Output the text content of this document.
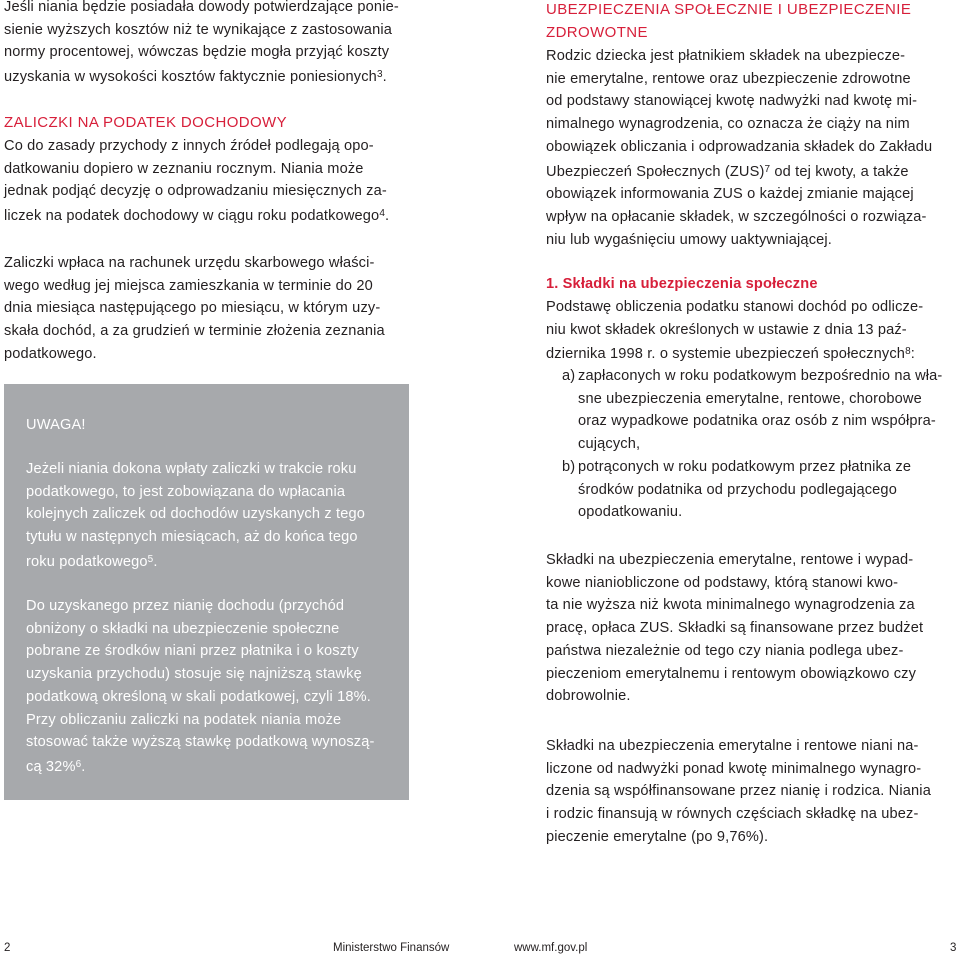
Jeśli niania będzie posiadała dowody potwierdzające ponie-
sienie wyższych kosztów niż te wynikające z zastosowania
normy procentowej, wówczas będzie mogła przyjąć koszty
uzyskania w wysokości kosztów faktycznie poniesionych$^3$.

ZALICZKI NA PODATEK DOCHODOWY

Co do zasady przychody z innych źródeł podlegają opo-
datkowaniu dopiero w zeznaniu rocznym. Niania może
jednak podjąć decyzję o odprowadzaniu miesięcznych za-
liczek na podatek dochodowy w ciągu roku podatkowego$^4$.

Zaliczki wpłaca na rachunek urzędu skarbowego właści-
wego według jej miejsca zamieszkania w terminie do 20
dnia miesiąca następującego po miesiącu, w którym uzy-
skała dochód, a za grudzień w terminie złożenia zeznania
podatkowego.

UWAGA!

Jeżeli niania dokona wpłaty zaliczki w trakcie roku
podatkowego, to jest zobowiązana do wpłacania
kolejnych zaliczek od dochodów uzyskanych z tego
tytułu w następnych miesiącach, aż do końca tego
roku podatkowego$^5$.

Do uzyskanego przez nianię dochodu (przychód
obniżony o składki na ubezpieczenie społeczne
pobrane ze środków niani przez płatnika i o koszty
uzyskania przychodu) stosuje się najniższą stawkę
podatkową określoną w skali podatkowej, czyli 18%.
Przy obliczaniu zaliczki na podatek niania może
stosować także wyższą stawkę podatkową wynoszą-
cą 32%$^6$.

UBEZPIECZENIA SPOŁECZNIE I UBEZPIECZENIE
ZDROWOTNE

Rodzic dziecka jest płatnikiem składek na ubezpiecze-
nie emerytalne, rentowe oraz ubezpieczenie zdrowotne
od podstawy stanowiącej kwotę nadwyżki nad kwotę mi-
nimalnego wynagrodzenia, co oznacza że ciąży na nim
obowiązek obliczania i odprowadzania składek do Zakładu
Ubezpieczeń Społecznych (ZUS)$^7$ od tej kwoty, a także
obowiązek informowania ZUS o każdej zmianie mającej
wpływ na opłacanie składek, w szczególności o rozwiąza-
niu lub wygaśnięciu umowy uaktywniającej.

1. Składki na ubezpieczenia społeczne

Podstawę obliczenia podatku stanowi dochód po odlicze-
niu kwot składek określonych w ustawie z dnia 13 paź-
dziernika 1998 r. o systemie ubezpieczeń społecznych$^8$:

a) zapłaconych w roku podatkowym bezpośrednio na wła-
sne ubezpieczenia emerytalne, rentowe, chorobowe
oraz wypadkowe podatnika oraz osób z nim współpra-
cujących,
b) potrąconych w roku podatkowym przez płatnika ze
środków podatnika od przychodu podlegającego
opodatkowaniu.

Składki na ubezpieczenia emerytalne, rentowe i wypad-
kowe nianiobliczone od podstawy, którą stanowi kwo-
ta nie wyższa niż kwota minimalnego wynagrodzenia za
pracę, opłaca ZUS. Składki są finansowane przez budżet
państwa niezależnie od tego czy niania podlega ubez-
pieczeniom emerytalnemu i rentowym obowiązkowo czy
dobrowolnie.

Składki na ubezpieczenia emerytalne i rentowe niani na-
liczone od nadwyżki ponad kwotę minimalnego wynagro-
dzenia są współfinansowane przez nianię i rodzica. Niania
i rodzic finansują w równych częściach składkę na ubez-
pieczenie emerytalne (po 9,76%).

2	Ministerstwo Finansów	www.mf.gov.pl	3
